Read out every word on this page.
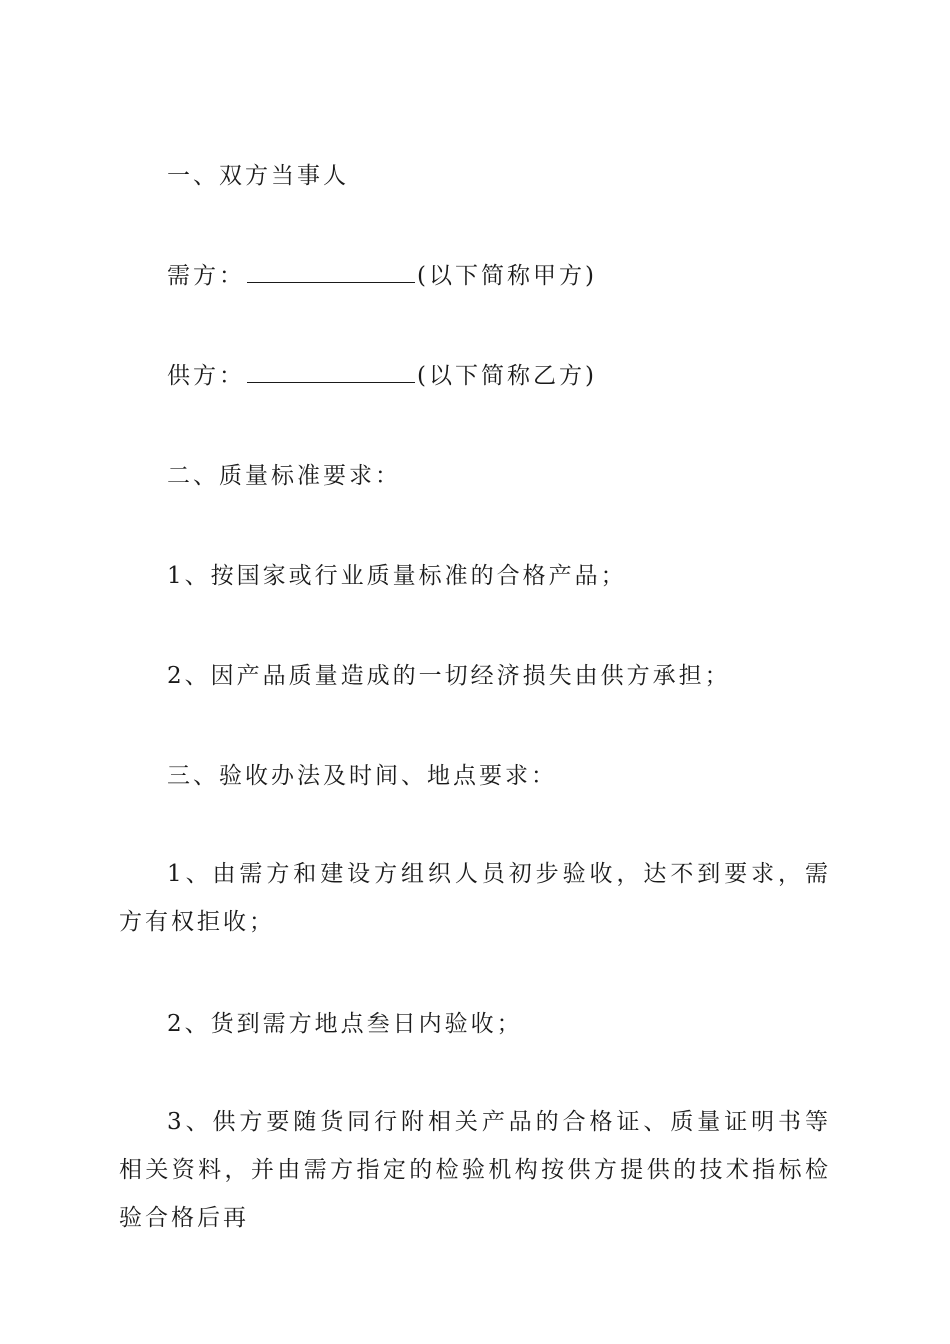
一、双方当事人
需方：	(以下简称甲方)
供方：	(以下简称乙方)
二、质量标准要求：
1、按国家或行业质量标准的合格产品；
2、因产品质量造成的一切经济损失由供方承担；
三、验收办法及时间、地点要求：
1、由需方和建设方组织人员初步验收，达不到要求，需方有权拒收；
2、货到需方地点叁日内验收；
3、供方要随货同行附相关产品的合格证、质量证明书等相关资料，并由需方指定的检验机构按供方提供的技术指标检验合格后再
